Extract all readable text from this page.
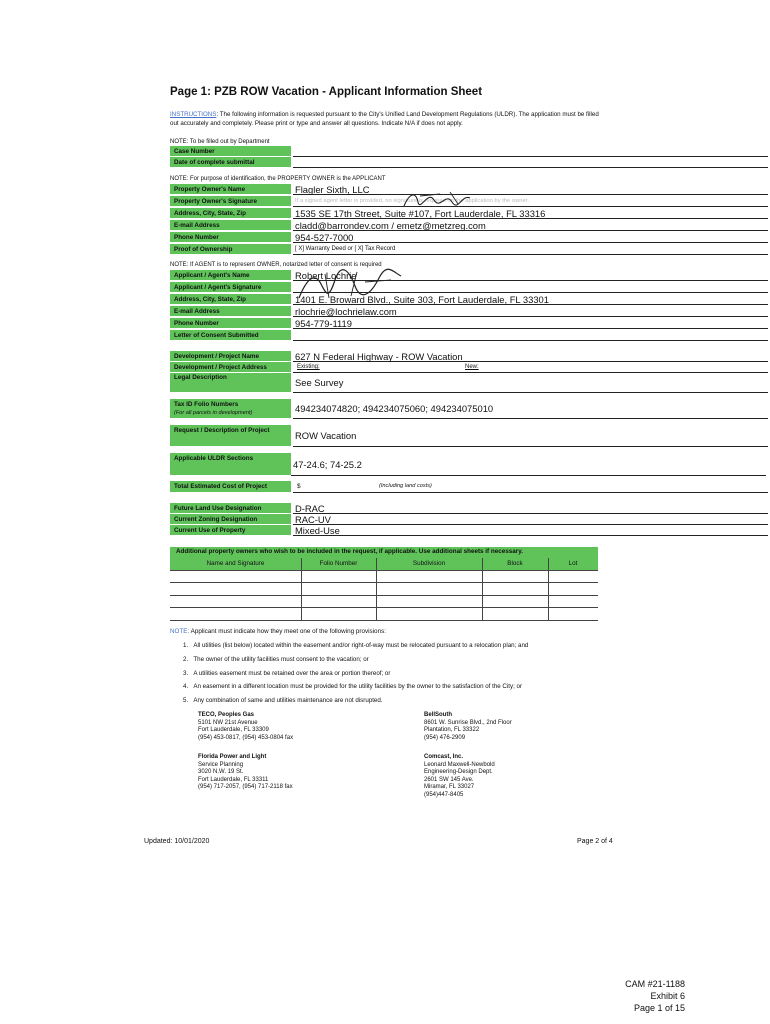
Page 1: PZB ROW Vacation - Applicant Information Sheet
INSTRUCTIONS: The following information is requested pursuant to the City's Unified Land Development Regulations (ULDR). The application must be filled out accurately and completely. Please print or type and answer all questions. Indicate N/A if does not apply.
NOTE: To be filled out by Department
Case Number
Date of complete submittal
NOTE: For purpose of identification, the PROPERTY OWNER is the APPLICANT
Property Owner's Name	Flagler Sixth, LLC
Property Owner's Signature	If a signed agent letter is provided, no signature is required on the application by the owner.
Address, City, State, Zip	1535 SE 17th Street, Suite #107, Fort Lauderdale, FL 33316
E-mail Address	cladd@barrondev.com / emetz@metzreg.com
Phone Number	954-527-7000
Proof of Ownership	[ X] Warranty Deed or [ X] Tax Record
NOTE: If AGENT is to represent OWNER, notarized letter of consent is required
Applicant / Agent's Name	Robert Lochrie
Applicant / Agent's Signature
Address, City, State, Zip	1401 E. Broward Blvd., Suite 303, Fort Lauderdale, FL 33301
E-mail Address	rlochrie@lochrielaw.com
Phone Number	954-779-1119
Letter of Consent Submitted
Development / Project Name	627 N Federal Highway - ROW Vacation
Development / Project Address	Existing:	New:
Legal Description	See Survey
Tax ID Folio Numbers
(For all parcels in development)	494234074820; 494234075060; 494234075010
Request / Description of Project	ROW Vacation
Applicable ULDR Sections
47-24.6; 74-25.2
Total Estimated Cost of Project	$	(Including land costs)
Future Land Use Designation	D-RAC
Current Zoning Designation	RAC-UV
Current Use of Property	Mixed-Use
Additional property owners who wish to be included in the request, if applicable. Use additional sheets if necessary.
Name and Signature	Folio Number	Subdivision	Block	Lot
NOTE: Applicant must indicate how they meet one of the following provisions:
1. All utilities (list below) located within the easement and/or right-of-way must be relocated pursuant to a relocation plan; and
2. The owner of the utility facilities must consent to the vacation; or
3. A utilities easement must be retained over the area or portion thereof; or
4. An easement in a different location must be provided for the utility facilities by the owner to the satisfaction of the City; or
5. Any combination of same and utilities maintenance are not disrupted.
TECO, Peoples Gas
5101 NW 21st Avenue
Fort Lauderdale, FL 33309
(954) 453-0817, (954) 453-0804 fax
BellSouth
8601 W. Sunrise Blvd., 2nd Floor
Plantation, FL 33322
(954) 476-2909
Florida Power and Light
Service Planning
3020 N.W. 19 St.
Fort Lauderdale, FL 33311
(954) 717-2057, (954) 717-2118 fax
Comcast, Inc.
Leonard Maxwell-Newbold
Engineering-Design Dept.
2601 SW 145 Ave.
Miramar, FL 33027
(954)447-8405
Updated: 10/01/2020	Page 2 of 4
CAM #21-1188
Exhibit 6
Page 1 of 15
